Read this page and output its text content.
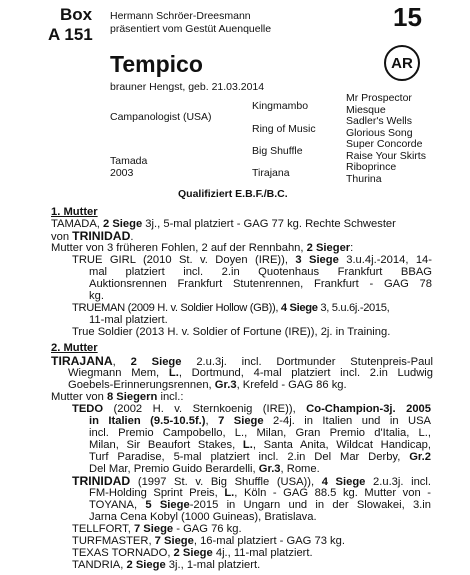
Box
A 151
Hermann Schröer-Dreesmann
präsentiert vom Gestüt Auenquelle	15
AR
Tempico
brauner Hengst, geb. 21.03.2014
Campanologist (USA)
Tamada
2003
Kingmambo
Ring of Music
Big Shuffle
Tirajana
Mr Prospector
Miesque
Sadler's Wells
Glorious Song
Super Concorde
Raise Your Skirts
Riboprince
Thurina
Qualifiziert E.B.F./B.C.
1. Mutter
TAMADA, 2 Siege 3j., 5-mal platziert - GAG 77 kg. Rechte Schwester
von TRINIDAD.
Mutter von 3 früheren Fohlen, 2 auf der Rennbahn, 2 Sieger:
TRUE GIRL (2010 St. v. Doyen (IRE)), 3 Siege 3.u.4j.-2014, 14-
mal platziert incl. 2.in Quotenhaus Frankfurt BBAG
Auktionsrennen Frankfurt Stutenrennen, Frankfurt - GAG 78
kg.
TRUEMAN (2009 H. v. Soldier Hollow (GB)), 4 Siege 3, 5.u.6j.-2015,
11-mal platziert.
True Soldier (2013 H. v. Soldier of Fortune (IRE)), 2j. in Training.
2. Mutter
TIRAJANA, 2 Siege 2.u.3j. incl. Dortmunder Stutenpreis-Paul
Wiegmann Mem, L., Dortmund, 4-mal platziert incl. 2.in Ludwig
Goebels-Erinnerungsrennen, Gr.3, Krefeld - GAG 86 kg.
Mutter von 8 Siegern incl.:
TEDO (2002 H. v. Sternkoenig (IRE)), Co-Champion-3j. 2005
in Italien (9.5-10.5f.), 7 Siege 2-4j. in Italien und in USA
incl. Premio Campobello, L., Milan, Gran Premio d'Italia, L.,
Milan, Sir Beaufort Stakes, L., Santa Anita, Wildcat Handicap,
Turf Paradise, 5-mal platziert incl. 2.in Del Mar Derby, Gr.2
Del Mar, Premio Guido Berardelli, Gr.3, Rome.
TRINIDAD (1997 St. v. Big Shuffle (USA)), 4 Siege 2.u.3j. incl.
FM-Holding Sprint Preis, L., Köln - GAG 88.5 kg. Mutter von -
TOYANA, 5 Siege-2015 in Ungarn und in der Slowakei, 3.in
Jarna Cena Kobyl (1000 Guineas), Bratislava.
TELLFORT, 7 Siege - GAG 76 kg.
TURFMASTER, 7 Siege, 16-mal platziert - GAG 73 kg.
TEXAS TORNADO, 2 Siege 4j., 11-mal platziert.
TANDRIA, 2 Siege 3j., 1-mal platziert.
